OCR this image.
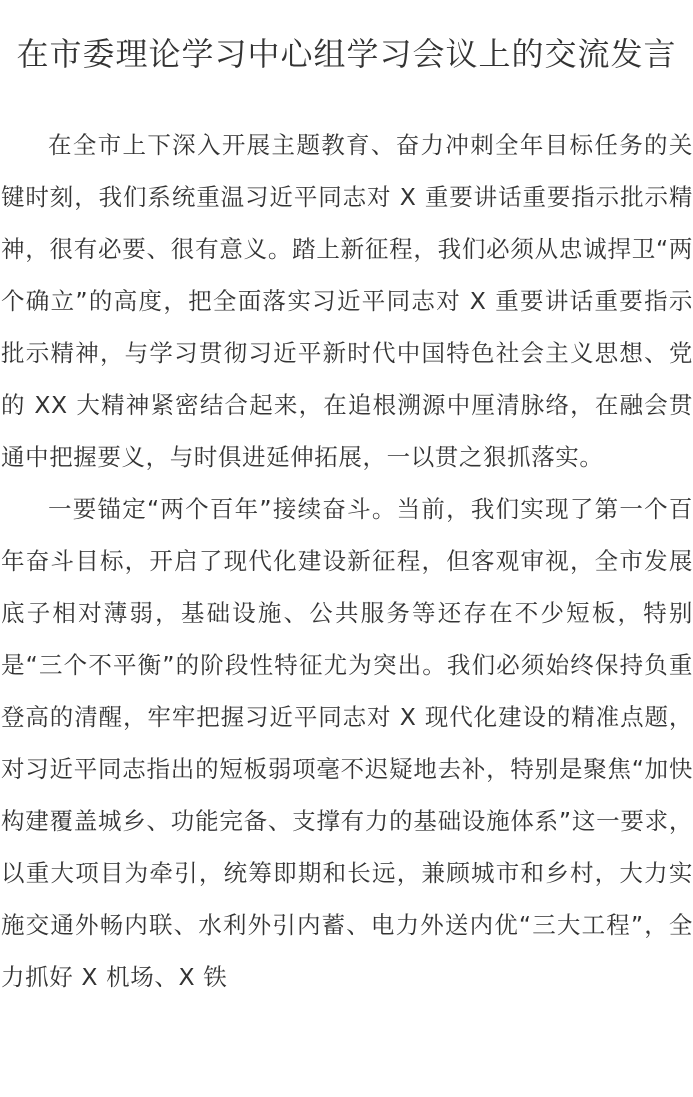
在市委理论学习中心组学习会议上的交流发言

在全市上下深入开展主题教育、奋力冲刺全年目标任务的关键时刻，我们系统重温习近平同志对 X 重要讲话重要指示批示精神，很有必要、很有意义。踏上新征程，我们必须从忠诚捍卫“两个确立”的高度，把全面落实习近平同志对 X 重要讲话重要指示批示精神，与学习贯彻习近平新时代中国特色社会主义思想、党的 XX 大精神紧密结合起来，在追根溯源中厘清脉络，在融会贯通中把握要义，与时俱进延伸拓展，一以贯之狠抓落实。

一要锚定“两个百年”接续奋斗。当前，我们实现了第一个百年奋斗目标，开启了现代化建设新征程，但客观审视，全市发展底子相对薄弱，基础设施、公共服务等还存在不少短板，特别是“三个不平衡”的阶段性特征尤为突出。我们必须始终保持负重登高的清醒，牢牢把握习近平同志对 X 现代化建设的精准点题，对习近平同志指出的短板弱项毫不迟疑地去补，特别是聚焦“加快构建覆盖城乡、功能完备、支撑有力的基础设施体系”这一要求，以重大项目为牵引，统筹即期和长远，兼顾城市和乡村，大力实施交通外畅内联、水利外引内蓄、电力外送内优“三大工程”，全力抓好 X 机场、X 铁
